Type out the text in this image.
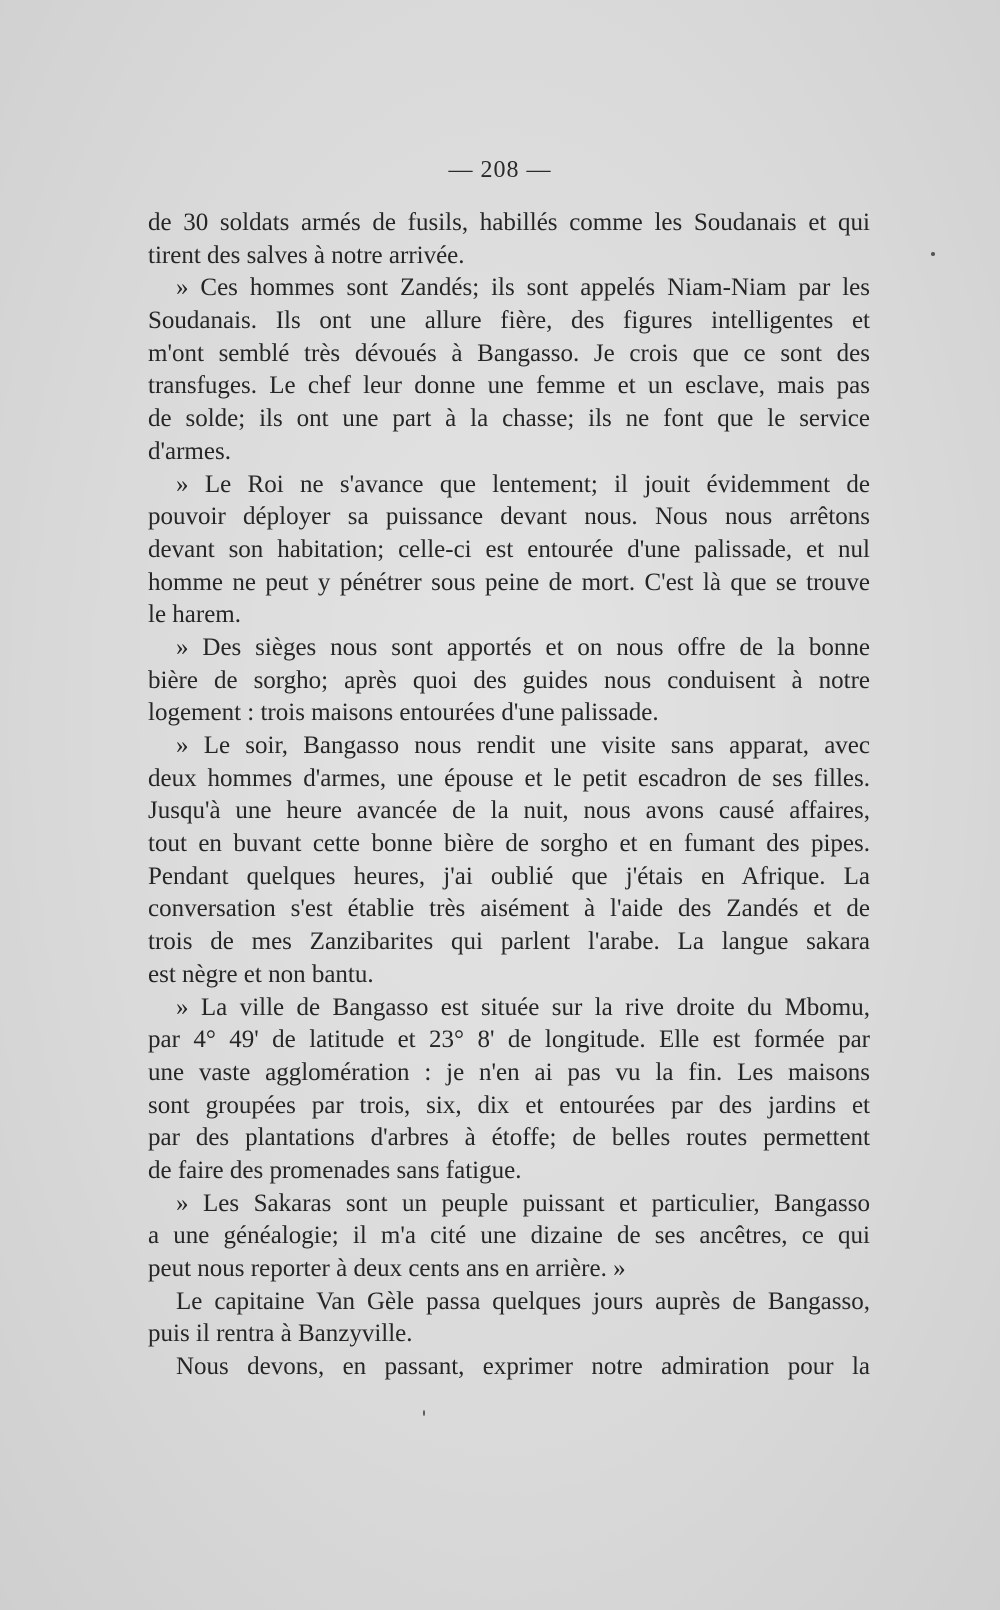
— 208 —
de 30 soldats armés de fusils, habillés comme les Soudanais et qui
tirent des salves à notre arrivée.
» Ces hommes sont Zandés; ils sont appelés Niam-Niam par les
Soudanais. Ils ont une allure fière, des figures intelligentes et
m'ont semblé très dévoués à Bangasso. Je crois que ce sont des
transfuges. Le chef leur donne une femme et un esclave, mais pas
de solde; ils ont une part à la chasse; ils ne font que le service
d'armes.
» Le Roi ne s'avance que lentement; il jouit évidemment de
pouvoir déployer sa puissance devant nous. Nous nous arrêtons
devant son habitation; celle-ci est entourée d'une palissade, et nul
homme ne peut y pénétrer sous peine de mort. C'est là que se trouve
le harem.
» Des sièges nous sont apportés et on nous offre de la bonne
bière de sorgho; après quoi des guides nous conduisent à notre
logement : trois maisons entourées d'une palissade.
» Le soir, Bangasso nous rendit une visite sans apparat, avec
deux hommes d'armes, une épouse et le petit escadron de ses filles.
Jusqu'à une heure avancée de la nuit, nous avons causé affaires,
tout en buvant cette bonne bière de sorgho et en fumant des pipes.
Pendant quelques heures, j'ai oublié que j'étais en Afrique. La
conversation s'est établie très aisément à l'aide des Zandés et de
trois de mes Zanzibarites qui parlent l'arabe. La langue sakara
est nègre et non bantu.
» La ville de Bangasso est située sur la rive droite du Mbomu,
par 4° 49' de latitude et 23° 8' de longitude. Elle est formée par
une vaste agglomération : je n'en ai pas vu la fin. Les maisons
sont groupées par trois, six, dix et entourées par des jardins et
par des plantations d'arbres à étoffe; de belles routes permettent
de faire des promenades sans fatigue.
» Les Sakaras sont un peuple puissant et particulier, Bangasso
a une généalogie; il m'a cité une dizaine de ses ancêtres, ce qui
peut nous reporter à deux cents ans en arrière. »
Le capitaine Van Gèle passa quelques jours auprès de Bangasso,
puis il rentra à Banzyville.
Nous devons, en passant, exprimer notre admiration pour la
